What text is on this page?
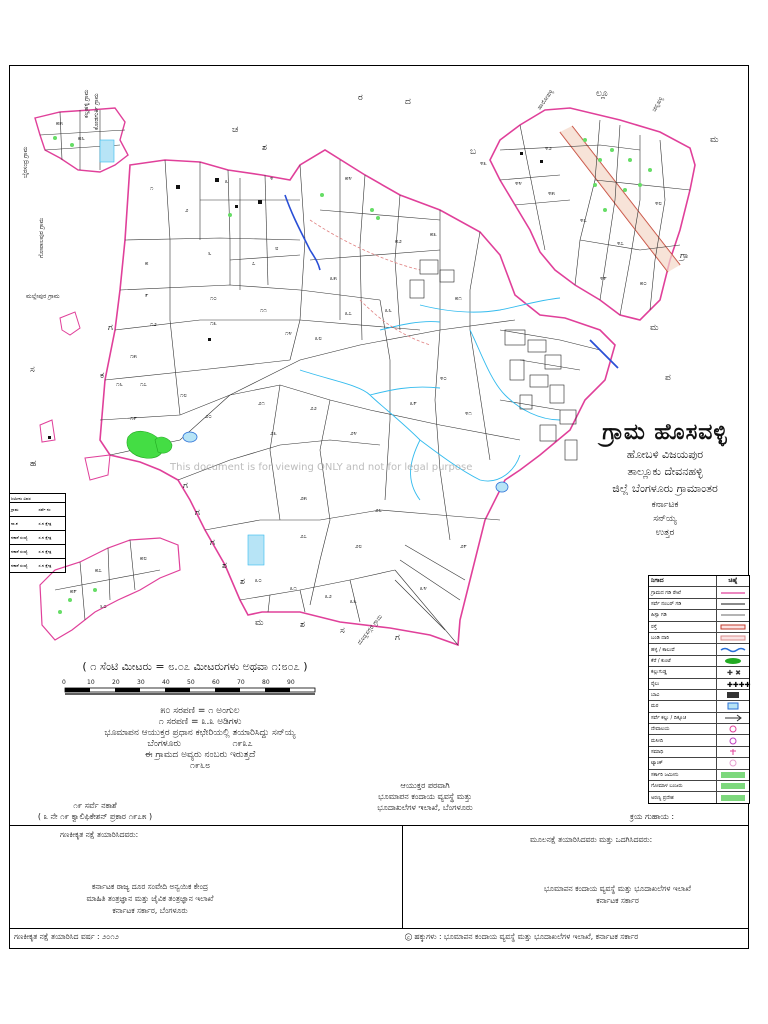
ಬೈರಸಂದ್ರ ಗ್ರಾಮ
ಗೋಪಾಲಪುರ ಗ್ರಾಮ
ಕಲ್ಲಹಳ್ಳಿ ಗ್ರಾಮ ಕೋಡಗುರ್ಕಿ ಗ್ರಾಮ
ಮಲ್ಲೇಪುರ ಗ್ರಾಮ
ದೊಡ್ಡಸಗ್ಗೆರೆ ಗ್ರಾಮ
ಹಾರೋಹಳ್ಳಿ	ಚನ್ನಹಳ್ಳಿ
ರ	ದ
ಚ
ಶ
ಗ
ಕ
ಸ
ಮ
ಲ್ಲೂ
ಬ
ಗ್ರಾ
ಮ
ಪ
ಹ
ಗ
ಗ
ಗ
ಶ
ಶ
ಮ	ಶ
ಸ
ಗ
೧
೨
೩	೪
೫
೬
೭
೮
೯	೧೦
೧೧
೧೨	೧೩
೧೪
೧೫
೧೬	೧೭
೧೮
೧೯	೨೦
೨೧
೨೨
೨೩	೨೪
೨೫
೨೬
೨೭
೨೮	೨೯
೩೦
೩೧
೩೨
೩೩
೩೪
೩೫
೩೬
೩೭
೩೮
೩೯
೪೦
೪೧
೪೨
೪೩
೪೪
೪೫
೪೬
೪೭
೪೮
೪೯
೫೦
೫೧
೫೨
೫೩
೫೪
೫೫
೫೬
೫೭
೫೮
೫೯
೬೦
0	10	20	30	40	50	60	70	80	90
This document is for viewing ONLY and not for legal purpose

ಗ್ರಾಮ ಹೊಸವಳ್ಳಿ

ಹೋಬಳಿ ವಿಜಯಪುರ

ತಾಲ್ಲೂಕು ದೇವನಹಳ್ಳಿ

ಜಿಲ್ಲೆ ಬೆಂಗಳೂರು ಗ್ರಾಮಾಂತರ

ಕರ್ನಾಟಕ

ಸನ್‌ಯ್ಯ

ಉತ್ತರ

ಜಮೀನು ವಿವರ
ಗ್ರಾಮ	ಸರ್ವೆ ನಂ
ನಾ.ಕ	ಸ.ನ ಕ್ಷೇತ್ರ
ನಕಾಶೆ ಸಂಖ್ಯೆ	ಸ.ನ ಕ್ಷೇತ್ರ
ನಕಾಶೆ ಸಂಖ್ಯೆ	ಸ.ನ ಕ್ಷೇತ್ರ
ನಕಾಶೆ ಸಂಖ್ಯೆ	ಸ.ನ ಕ್ಷೇತ್ರ
ನಿಗಾದ	ಚಿಹ್ನೆ
ಗ್ರಾಮದ ಗಡಿ ರೇಖೆ
ಸರ್ವೆ ನಂಬರ್ ಗಡಿ
ಹಿಸ್ಸಾ ಗಡಿ
ರಸ್ತೆ
ಬಂಡಿ ದಾರಿ
ಹಳ್ಳ / ಕಾಲುವೆ
ಕೆರೆ / ಕುಂಟೆ
ಕಲ್ಲುಗುಡ್ಡ	✚ ✖
ರೈಲು	✚✚✚✚
ಬಾವಿ
ಮರ
ಸರ್ವೆ ಕಲ್ಲು / ದಿಕ್ಸೂಚಿ
ದೇವಾಲಯ
ಮಸೀದಿ
ಸಮಾಧಿ
ಟ್ಯಾಂಕ್
ಸರ್ಕಾರಿ ಜಮೀನು
ಗೋಮಾಳ ಬಂಜರು
ಅರಣ್ಯ ಪ್ರದೇಶ

( ೧ ಸೆಂಟಿ ಮೀಟರು = ೮.೦೭ ಮೀಟರುಗಳು ಅಥವಾ ೧:೮೦೭ )

೫೦ ಸರಪಣಿ = ೧ ಅಂಗುಲ

೧ ಸರಪಣಿ = ೩.೩ ಅಡಿಗಳು

ಭೂಮಾಪನ ಆಯುಕ್ತರ ಪ್ರಧಾನ ಕಛೇರಿಯಲ್ಲಿ ತಯಾರಿಸಿದ್ದು ಸನ್‌ಯ್ಯ

ಬೆಂಗಳೂರು	೧೯೩೭

ಈ ಗ್ರಾಮದ ಅವ್ಯರು ನಂಬರು ಇರುತ್ತದೆ

೧೯೬೮

೧೯ ಸರ್ವೆ ನಕಾಶೆ

( ೩ ನೇ ೧೯ ಕ್ವಾಲಿಫಿಕೇಶನ್ ಪ್ರಕಾರ ೧೯೭೫ )

ಆಯುಕ್ತರ ಪರವಾಗಿ

ಭೂಮಾಪನ ಕಂದಾಯ ವ್ಯವಸ್ಥೆ ಮತ್ತು

ಭೂದಾಖಲೆಗಳ ಇಲಾಖೆ, ಬೆಂಗಳೂರು

ಕ್ರಯ ಗುಹಾಯ :
ಗಣಕೀಕೃತ ನಕ್ಷೆ ತಯಾರಿಸಿದವರು:

ಕರ್ನಾಟಕ ರಾಜ್ಯ ದೂರ ಸಂವೇದಿ ಅನ್ವಯಿಕ ಕೇಂದ್ರ

ಮಾಹಿತಿ ತಂತ್ರಜ್ಞಾನ ಮತ್ತು ಜೈವಿಕ ತಂತ್ರಜ್ಞಾನ ಇಲಾಖೆ

ಕರ್ನಾಟಕ ಸರ್ಕಾರ, ಬೆಂಗಳೂರು

ಮೂಲನಕ್ಷೆ ತಯಾರಿಸಿದವರು ಮತ್ತು ಒದಗಿಸಿದವರು:

ಭೂಮಾಪನ ಕಂದಾಯ ವ್ಯವಸ್ಥೆ ಮತ್ತು ಭೂದಾಖಲೆಗಳ ಇಲಾಖೆ

ಕರ್ನಾಟಕ ಸರ್ಕಾರ

ಗಣಕೀಕೃತ ನಕ್ಷೆ ತಯಾರಿಸಿದ ವರ್ಷ : ೨೦೧೨	ⓒ ಹಕ್ಕುಗಳು : ಭೂಮಾಪನ ಕಂದಾಯ ವ್ಯವಸ್ಥೆ ಮತ್ತು ಭೂದಾಖಲೆಗಳ ಇಲಾಖೆ, ಕರ್ನಾಟಕ ಸರ್ಕಾರ
